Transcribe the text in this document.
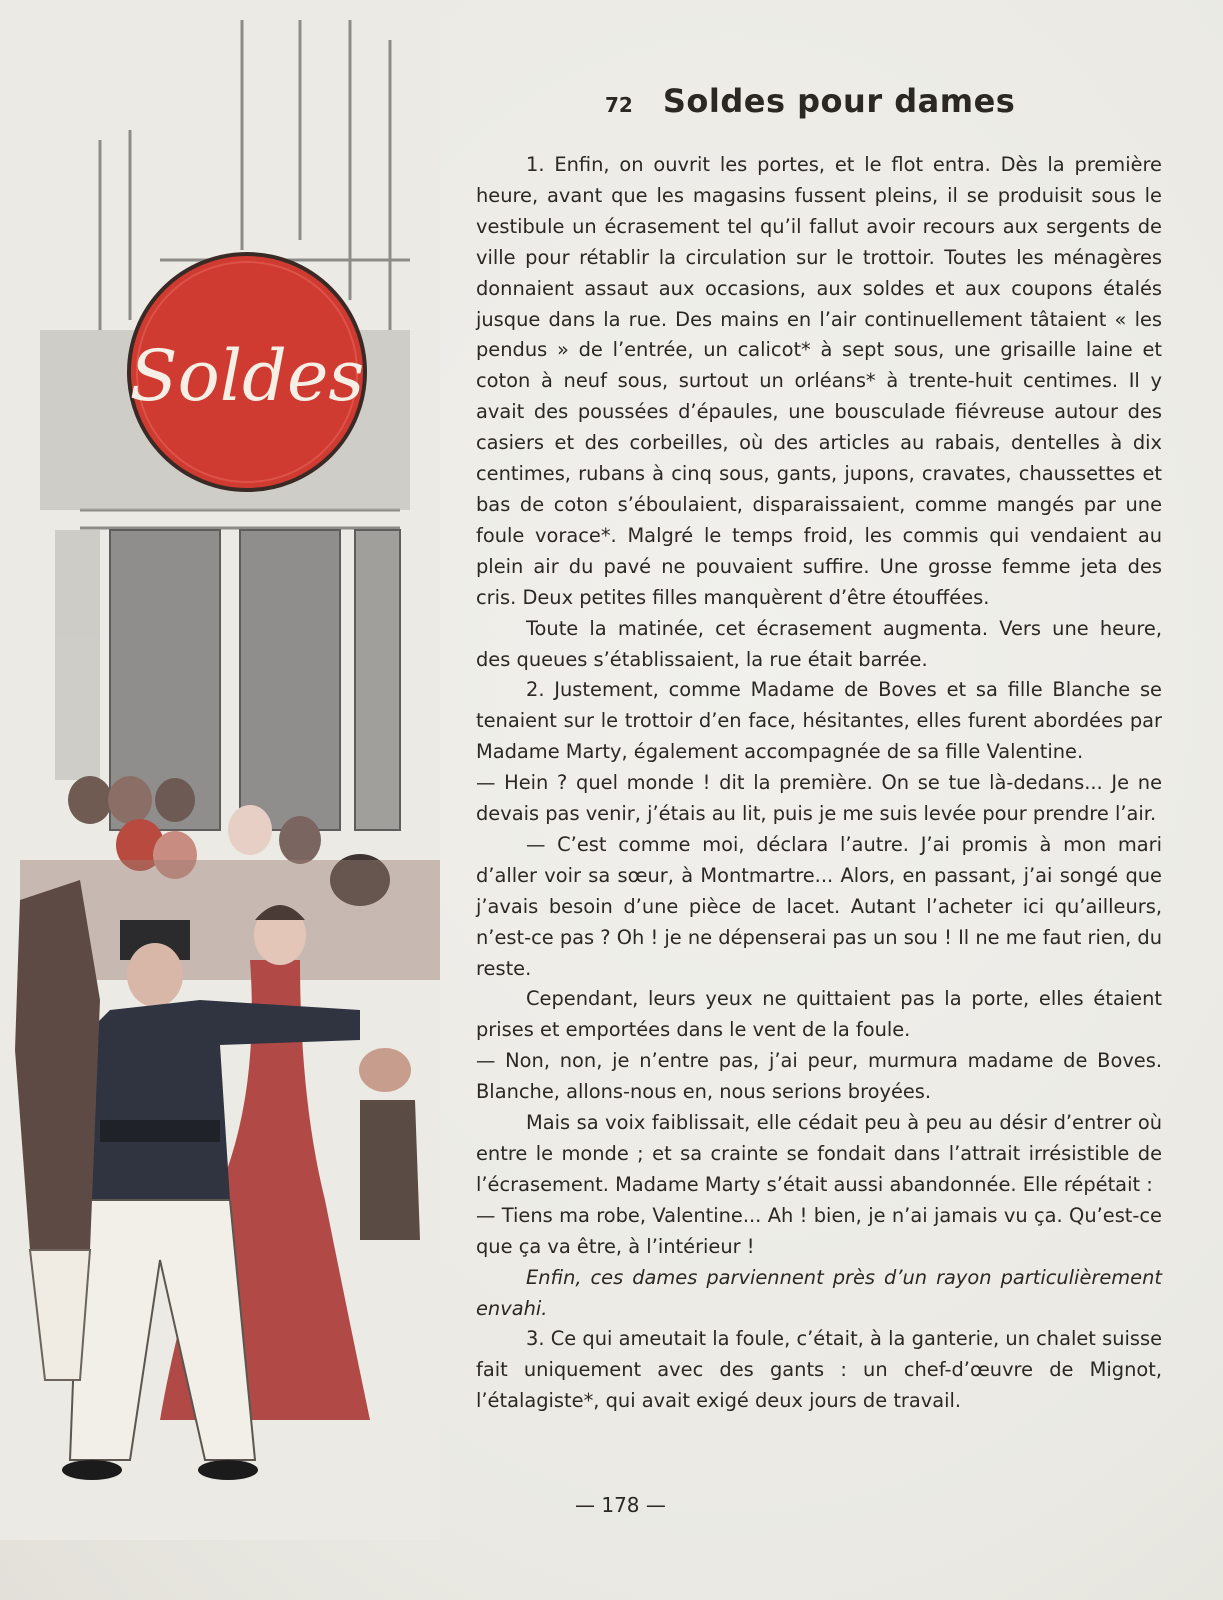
Soldes
72 Soldes pour dames

1. Enfin, on ouvrit les portes, et le flot entra. Dès la première heure, avant que les magasins fussent pleins, il se produisit sous le vestibule un écrasement tel qu’il fallut avoir recours aux sergents de ville pour rétablir la circulation sur le trottoir. Toutes les ménagères donnaient assaut aux occasions, aux soldes et aux coupons étalés jusque dans la rue. Des mains en l’air continuellement tâtaient « les pendus » de l’entrée, un calicot* à sept sous, une grisaille laine et coton à neuf sous, surtout un orléans* à trente-huit centimes. Il y avait des poussées d’épaules, une bousculade fiévreuse autour des casiers et des corbeilles, où des articles au rabais, dentelles à dix centimes, rubans à cinq sous, gants, jupons, cravates, chaussettes et bas de coton s’éboulaient, disparaissaient, comme mangés par une foule vorace*. Malgré le temps froid, les commis qui vendaient au plein air du pavé ne pouvaient suffire. Une grosse femme jeta des cris. Deux petites filles manquèrent d’être étouffées.

Toute la matinée, cet écrasement augmenta. Vers une heure, des queues s’établissaient, la rue était barrée.

2. Justement, comme Madame de Boves et sa fille Blanche se tenaient sur le trottoir d’en face, hésitantes, elles furent abordées par Madame Marty, également accompagnée de sa fille Valentine.

— Hein ? quel monde ! dit la première. On se tue là-dedans... Je ne devais pas venir, j’étais au lit, puis je me suis levée pour prendre l’air.

— C’est comme moi, déclara l’autre. J’ai promis à mon mari d’aller voir sa sœur, à Montmartre... Alors, en passant, j’ai songé que j’avais besoin d’une pièce de lacet. Autant l’acheter ici qu’ailleurs, n’est-ce pas ? Oh ! je ne dépenserai pas un sou ! Il ne me faut rien, du reste.

Cependant, leurs yeux ne quittaient pas la porte, elles étaient prises et emportées dans le vent de la foule.

— Non, non, je n’entre pas, j’ai peur, murmura madame de Boves. Blanche, allons-nous en, nous serions broyées.

Mais sa voix faiblissait, elle cédait peu à peu au désir d’entrer où entre le monde ; et sa crainte se fondait dans l’attrait irrésistible de l’écrasement. Madame Marty s’était aussi abandonnée. Elle répétait :

— Tiens ma robe, Valentine... Ah ! bien, je n’ai jamais vu ça. Qu’est-ce que ça va être, à l’intérieur !

Enfin, ces dames parviennent près d’un rayon particulièrement envahi.

3. Ce qui ameutait la foule, c’était, à la ganterie, un chalet suisse fait uniquement avec des gants : un chef-d’œuvre de Mignot, l’étalagiste*, qui avait exigé deux jours de travail.

— 178 —
